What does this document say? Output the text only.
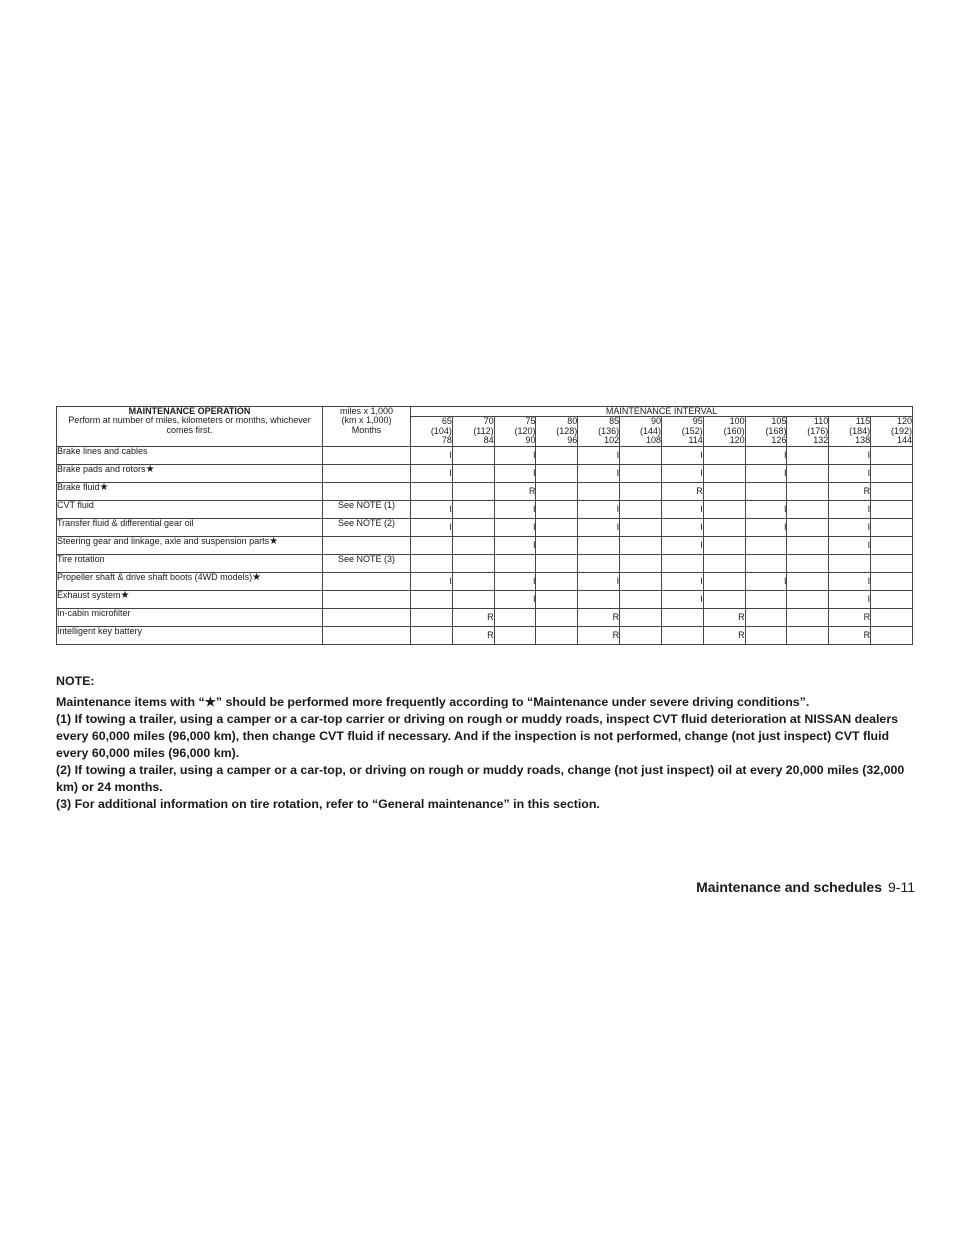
MAINTENANCE OPERATION
Perform at number of miles, kilometers or months, whichever comes first.	miles x 1,000
(km x 1,000)
Months	MAINTENANCE INTERVAL											

		65
(104)
78	70
(112)
84	75
(120)
90	80
(128)
96	85
(136)
102	90
(144)
108	95
(152)
114	100
(160)
120	105
(168)
126	110
(176)
132	115
(184)
138	120
(192)
144

Brake lines and cables		I		I		I		I		I		I	
Brake pads and rotors★		I		I		I		I		I		I	
Brake fluid★				R				R				R	
CVT fluid	See NOTE (1)	I		I		I		I		I		I	
Transfer fluid & differential gear oil	See NOTE (2)	I		I		I		I		I		I	
Steering gear and linkage, axle and suspension parts★				I				I				I	
Tire rotation	See NOTE (3)												
Propeller shaft & drive shaft boots (4WD models)★		I		I		I		I		I		I	
Exhaust system★				I				I				I	
In-cabin microfilter			R			R			R			R	
Intelligent key battery			R			R			R			R	

NOTE:

Maintenance items with “★” should be performed more frequently according to “Maintenance under severe driving conditions”.

(1) If towing a trailer, using a camper or a car-top carrier or driving on rough or muddy roads, inspect CVT fluid deterioration at NISSAN dealers every 60,000 miles (96,000 km), then change CVT fluid if necessary. And if the inspection is not performed, change (not just inspect) CVT fluid every 60,000 miles (96,000 km).

(2) If towing a trailer, using a camper or a car-top, or driving on rough or muddy roads, change (not just inspect) oil at every 20,000 miles (32,000 km) or 24 months.

(3) For additional information on tire rotation, refer to “General maintenance” in this section.

Maintenance and schedules 9-11
